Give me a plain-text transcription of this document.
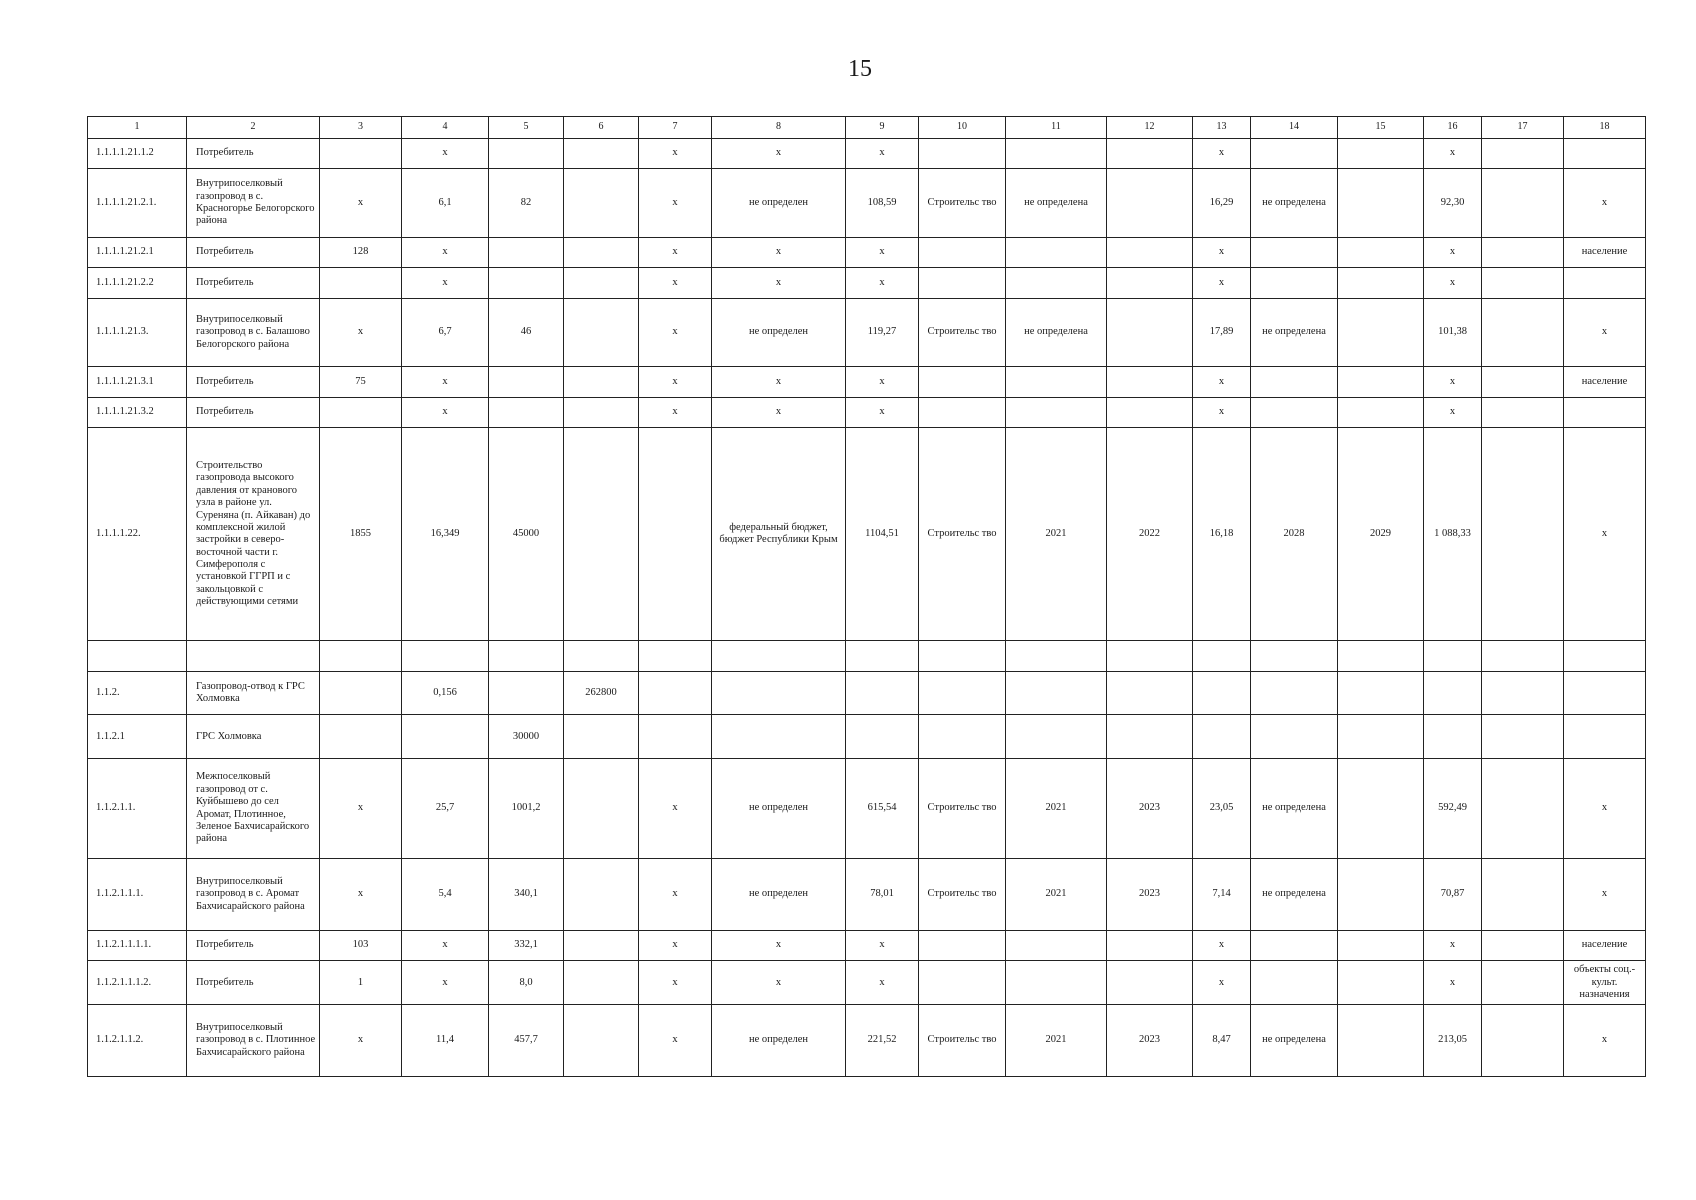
15
1	2	3	4	5	6	7	8	9	10	11	12	13	14	15	16	17	18
1.1.1.1.21.1.2	Потребитель		x			x	x	x				x			x		
1.1.1.1.21.2.1.	Внутрипоселковый газопровод в с. Красногорье Белогорского района	x	6,1	82		x	не определен	108,59	Строительс тво	не определена		16,29	не определена		92,30		x
1.1.1.1.21.2.1	Потребитель	128	x			x	x	x				x			x		население
1.1.1.1.21.2.2	Потребитель		x			x	x	x				x			x		
1.1.1.1.21.3.	Внутрипоселковый газопровод в с. Балашово Белогорского района	x	6,7	46		x	не определен	119,27	Строительс тво	не определена		17,89	не определена		101,38		x
1.1.1.1.21.3.1	Потребитель	75	x			x	x	x				x			x		население
1.1.1.1.21.3.2	Потребитель		x			x	x	x				x			x		
1.1.1.1.22.	Строительство газопровода высокого давления от кранового узла в районе ул. Суреняна (п. Айкаван) до комплексной жилой застройки в северо-восточной части г. Симферополя с установкой ГГРП и с закольцовкой с действующими сетями	1855	16,349	45000			федеральный бюджет, бюджет Республики Крым	1104,51	Строительс тво	2021	2022	16,18	2028	2029	1 088,33		x

1.1.2.	Газопровод-отвод к ГРС Холмовка		0,156		262800												
1.1.2.1	ГРС Холмовка			30000													
1.1.2.1.1.	Межпоселковый газопровод от с. Куйбышево до сел Аромат, Плотинное, Зеленое Бахчисарайского района	x	25,7	1001,2		x	не определен	615,54	Строительс тво	2021	2023	23,05	не определена		592,49		x
1.1.2.1.1.1.	Внутрипоселковый газопровод в с. Аромат Бахчисарайского района	x	5,4	340,1		x	не определен	78,01	Строительс тво	2021	2023	7,14	не определена		70,87		x
1.1.2.1.1.1.1.	Потребитель	103	x	332,1		x	x	x				x			x		население
1.1.2.1.1.1.2.	Потребитель	1	x	8,0		x	x	x				x			x		объекты соц.-культ. назначения
1.1.2.1.1.2.	Внутрипоселковый газопровод в с. Плотинное Бахчисарайского района	x	11,4	457,7		x	не определен	221,52	Строительс тво	2021	2023	8,47	не определена		213,05		x
